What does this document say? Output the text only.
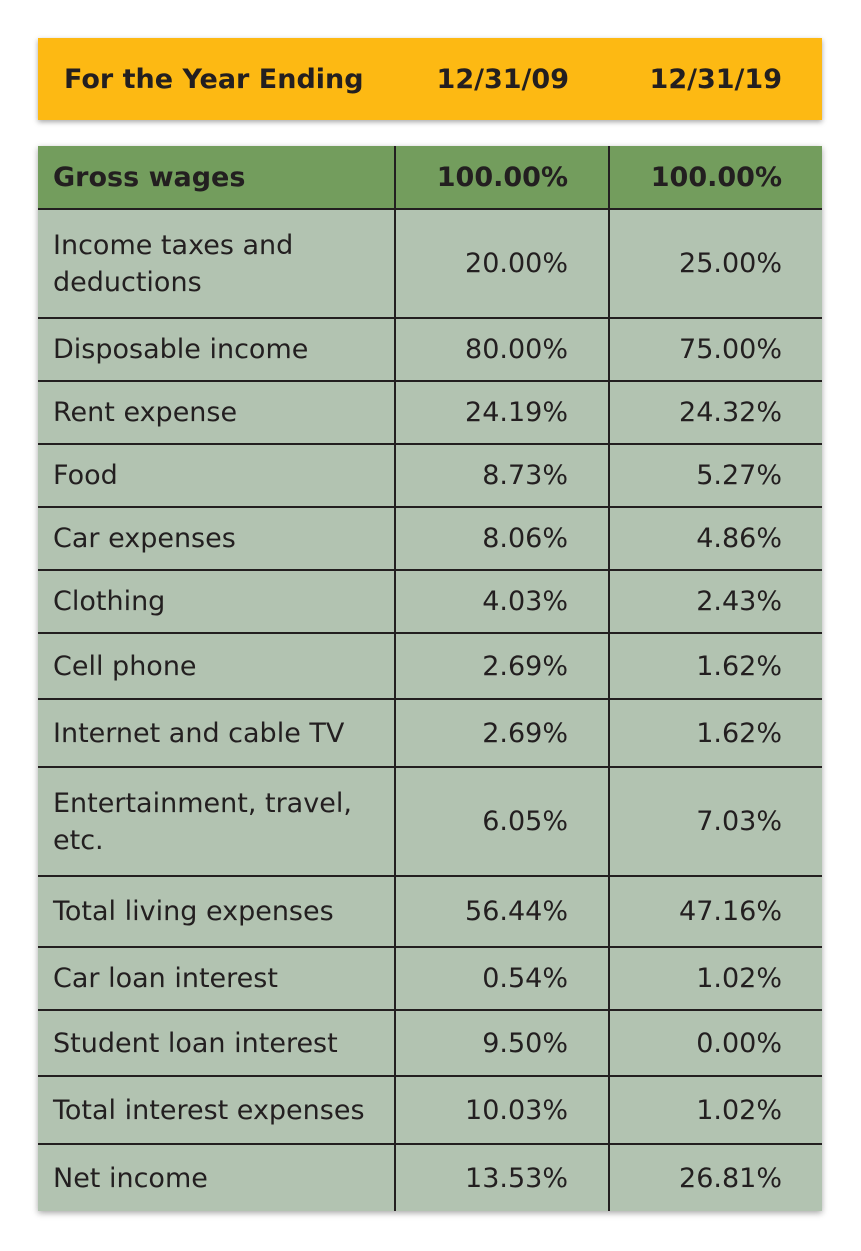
For the Year Ending	12/31/09	12/31/19
Gross wages	100.00%	100.00%
Income taxes and deductions	20.00%	25.00%
Disposable income	80.00%	75.00%
Rent expense	24.19%	24.32%
Food	8.73%	5.27%
Car expenses	8.06%	4.86%
Clothing	4.03%	2.43%
Cell phone	2.69%	1.62%
Internet and cable TV	2.69%	1.62%
Entertainment, travel, etc.	6.05%	7.03%
Total living expenses	56.44%	47.16%
Car loan interest	0.54%	1.02%
Student loan interest	9.50%	0.00%
Total interest expenses	10.03%	1.02%
Net income	13.53%	26.81%
